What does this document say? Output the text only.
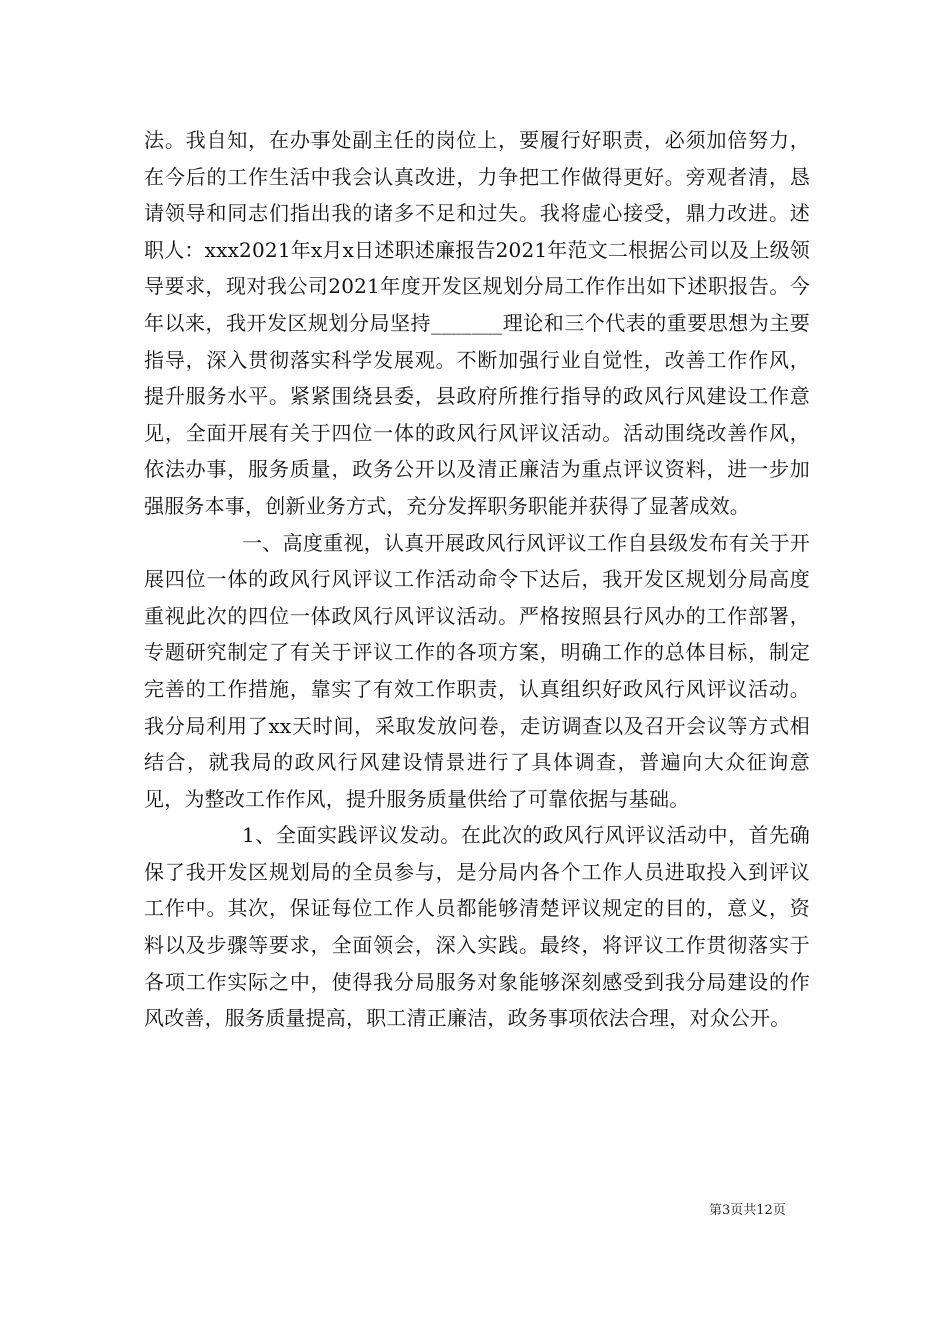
法。我自知，在办事处副主任的岗位上，要履行好职责，必须加倍努力，在今后的工作生活中我会认真改进，力争把工作做得更好。旁观者清，恳请领导和同志们指出我的诸多不足和过失。我将虚心接受，鼎力改进。述职人：xxx2021年x月x日述职述廉报告2021年范文二根据公司以及上级领导要求，现对我公司2021年度开发区规划分局工作作出如下述职报告。今年以来，我开发区规划分局坚持_______理论和三个代表的重要思想为主要指导，深入贯彻落实科学发展观。不断加强行业自觉性，改善工作作风，提升服务水平。紧紧围绕县委，县政府所推行指导的政风行风建设工作意见，全面开展有关于四位一体的政风行风评议活动。活动围绕改善作风，依法办事，服务质量，政务公开以及清正廉洁为重点评议资料，进一步加强服务本事，创新业务方式，充分发挥职务职能并获得了显著成效。

一、高度重视，认真开展政风行风评议工作自县级发布有关于开展四位一体的政风行风评议工作活动命令下达后，我开发区规划分局高度重视此次的四位一体政风行风评议活动。严格按照县行风办的工作部署，专题研究制定了有关于评议工作的各项方案，明确工作的总体目标，制定完善的工作措施，靠实了有效工作职责，认真组织好政风行风评议活动。我分局利用了xx天时间，采取发放问卷，走访调查以及召开会议等方式相结合，就我局的政风行风建设情景进行了具体调查，普遍向大众征询意见，为整改工作作风，提升服务质量供给了可靠依据与基础。

1、全面实践评议发动。在此次的政风行风评议活动中，首先确保了我开发区规划局的全员参与，是分局内各个工作人员进取投入到评议工作中。其次，保证每位工作人员都能够清楚评议规定的目的，意义，资料以及步骤等要求，全面领会，深入实践。最终，将评议工作贯彻落实于各项工作实际之中，使得我分局服务对象能够深刻感受到我分局建设的作风改善，服务质量提高，职工清正廉洁，政务事项依法合理，对众公开。

第3页共12页
